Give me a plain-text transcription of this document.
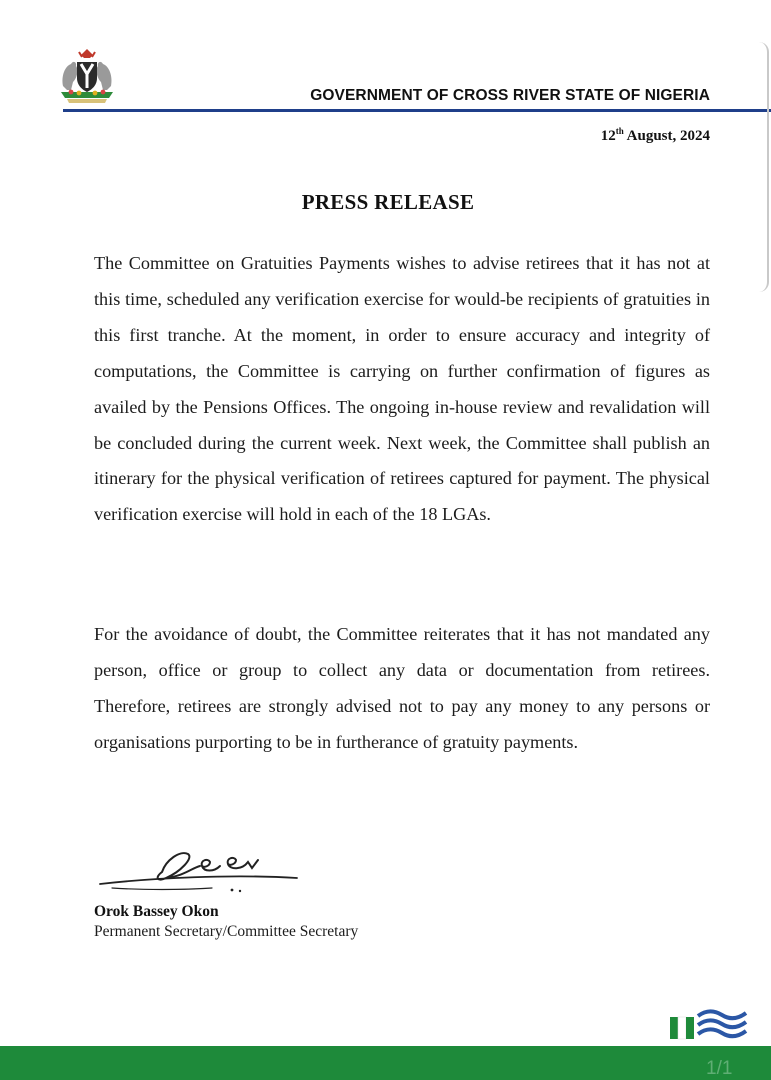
GOVERNMENT OF CROSS RIVER STATE OF NIGERIA
12th August, 2024
PRESS RELEASE

The Committee on Gratuities Payments wishes to advise retirees that it has not at this time, scheduled any verification exercise for would-be recipients of gratuities in this first tranche. At the moment, in order to ensure accuracy and integrity of computations, the Committee is carrying on further confirmation of figures as availed by the Pensions Offices. The ongoing in-house review and revalidation will be concluded during the current week. Next week, the Committee shall publish an itinerary for the physical verification of retirees captured for payment. The physical verification exercise will hold in each of the 18 LGAs.

For the avoidance of doubt, the Committee reiterates that it has not mandated any person, office or group to collect any data or documentation from retirees. Therefore, retirees are strongly advised not to pay any money to any persons or organisations purporting to be in furtherance of gratuity payments.

Orok Bassey Okon
Permanent Secretary/Committee Secretary
1/1
